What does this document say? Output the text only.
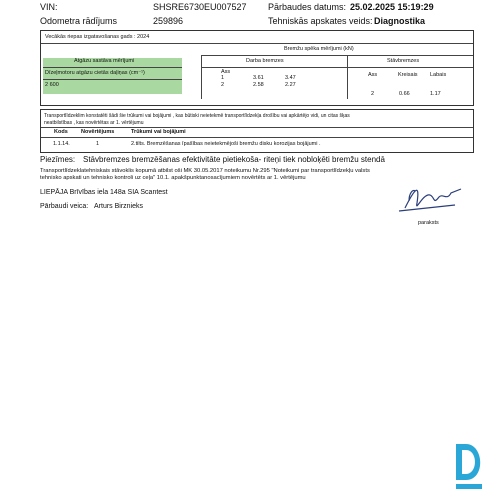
VIN:	SHSRE6730EU007527 Pārbaudes datums: 25.02.2025 15:19:29
Odometra rādījums	259896	Tehniskās apskates veids: Diagnostika
Vecākās riepas izgatavošanas gads : 2024
Bremžu spēka mērījumi (kN)
Atgāzu sastāva mērījumi
Dīzeļmotoru atgāzu cietās daļiņas (cm⁻¹)
2 600
Darba bremzes
Ass
1	3.61	3.47
2	2.58	2.27
Stāvbremzes
Ass	Kreisais Labais
2	0.66	1.17
Transportlīdzeklim konstatēti šādi šie trūkumi vai bojājumi , kas būtiski neietekmē transportlīdzekļa drošību vai apkārtējo vidi, un citas šķas
neatbilstības , kas novērtētas ar 1. vērtējumu
Kods Novērtējums	Trūkumi vai bojājumi
1.1.14.	1	2.tilts. Bremzēšanas īpašības neietekmējoši bremžu disku korozijas bojājumi .
Piezīmes: Stāvbremzes bremzēšanas efektivitāte pietiekoša- riteņi tiek nobloķēti bremžu stendā
Transportlīdzeklatehniskais stāvoklis kopumā atbilst oši MK 30.05.2017 noteikumu Nr.295 "Noteikumi par transportlīdzekļu valsts
tehnisko apskati un tehnisko kontroli uz ceļa" 10.1. apakšpunktanosacījumiem novērtēts ar 1. vērtējumu
LIEPĀJA Brīvības iela 148a SIA Scantest
Pārbaudi veica: Arturs Birznieks
paraksts
